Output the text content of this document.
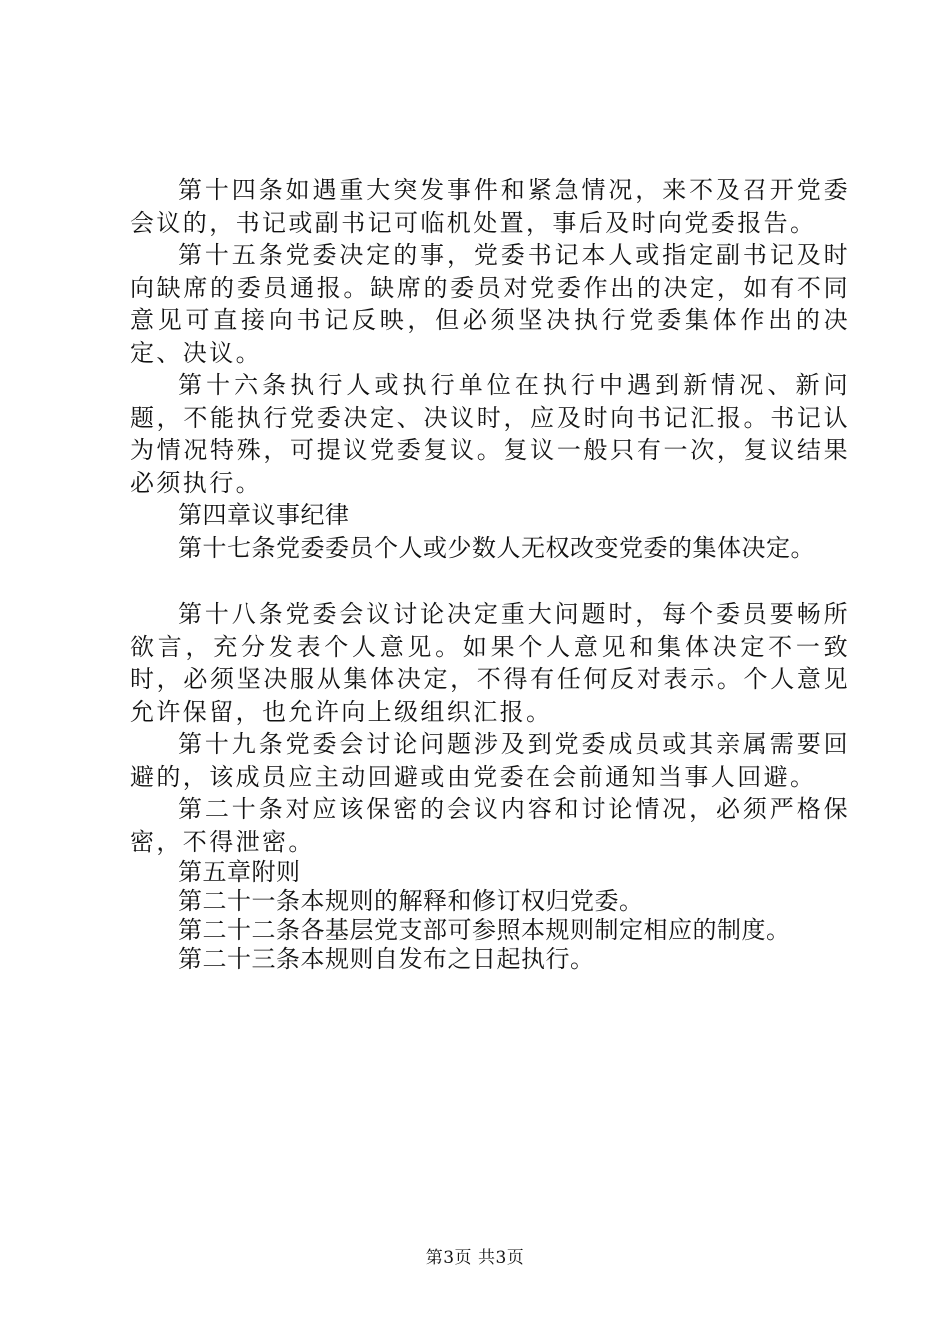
第十四条如遇重大突发事件和紧急情况，来不及召开党委会议的，书记或副书记可临机处置，事后及时向党委报告。

第十五条党委决定的事，党委书记本人或指定副书记及时向缺席的委员通报。缺席的委员对党委作出的决定，如有不同意见可直接向书记反映，但必须坚决执行党委集体作出的决定、决议。

第十六条执行人或执行单位在执行中遇到新情况、新问题，不能执行党委决定、决议时，应及时向书记汇报。书记认为情况特殊，可提议党委复议。复议一般只有一次，复议结果必须执行。

第四章议事纪律

第十七条党委委员个人或少数人无权改变党委的集体决定。

第十八条党委会议讨论决定重大问题时，每个委员要畅所欲言，充分发表个人意见。如果个人意见和集体决定不一致时，必须坚决服从集体决定，不得有任何反对表示。个人意见允许保留，也允许向上级组织汇报。

第十九条党委会讨论问题涉及到党委成员或其亲属需要回避的，该成员应主动回避或由党委在会前通知当事人回避。

第二十条对应该保密的会议内容和讨论情况，必须严格保密，不得泄密。

第五章附则

第二十一条本规则的解释和修订权归党委。

第二十二条各基层党支部可参照本规则制定相应的制度。

第二十三条本规则自发布之日起执行。

第3页 共3页
